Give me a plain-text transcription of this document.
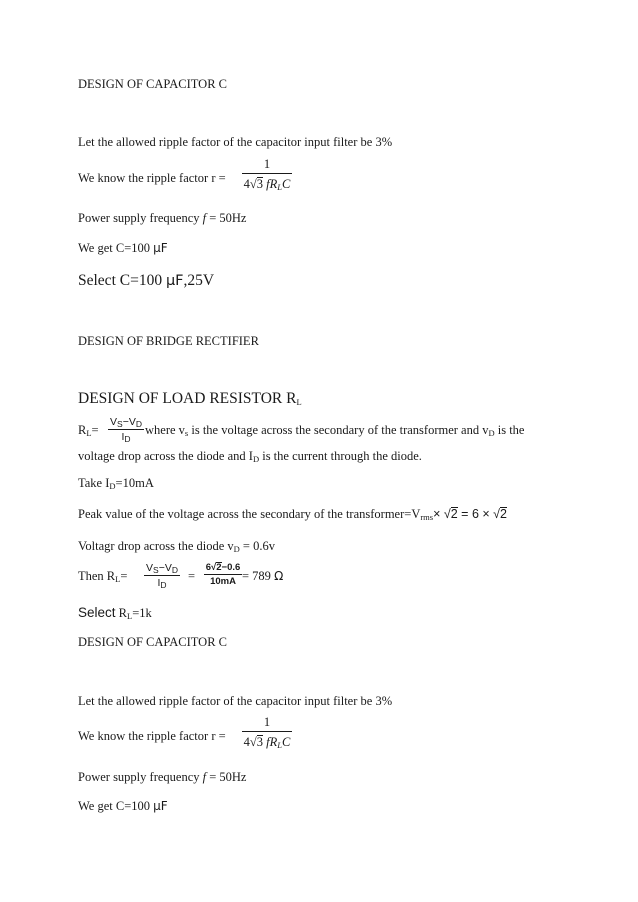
DESIGN OF CAPACITOR C
Let the allowed ripple factor of the capacitor input filter be 3%
We know the ripple factor r =
1
4√3 $fR_LC$
Power supply frequency f = 50Hz
We get C=100 μF
Select C=100 μF,25V
DESIGN OF BRIDGE RECTIFIER
DESIGN OF LOAD RESISTOR $R_L$
$R_L=$
$V_S-V_D$
$I_D$
where $v_s$ is the voltage across the secondary of the transformer and $v_D$ is the
voltage drop across the diode and $I_D$ is the current through the diode.
Take $I_D=10mA$
Peak value of the voltage across the secondary of the $transformer=V_{rms}\times √2 = 6 \times √2$
Voltagr drop across the diode $v_D = 0.6v$
Then $R_L=$
$V_S-V_D$
$I_D$
=
6√2−0.6
10mA = 789 Ω
Select $R_L=1k$
DESIGN OF CAPACITOR C
Let the allowed ripple factor of the capacitor input filter be 3%
We know the ripple factor r =
1
4√3 $fR_LC$
Power supply frequency f = 50Hz
We get C=100 μF
